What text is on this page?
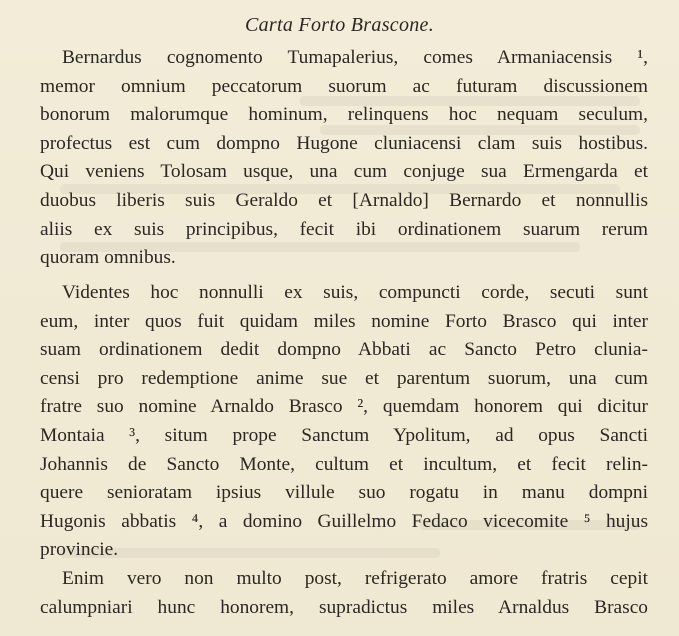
Carta Forto Brascone.
Bernardus cognomento Tumapalerius, comes Armaniacensis ¹,
memor omnium peccatorum suorum ac futuram discussionem
bonorum malorumque hominum, relinquens hoc nequam seculum,
profectus est cum dompno Hugone cluniacensi clam suis hostibus.
Qui veniens Tolosam usque, una cum conjuge sua Ermengarda et
duobus liberis suis Geraldo et [Arnaldo] Bernardo et nonnullis
aliis ex suis principibus, fecit ibi ordinationem suarum rerum
quoram omnibus.
Videntes hoc nonnulli ex suis, compuncti corde, secuti sunt
eum, inter quos fuit quidam miles nomine Forto Brasco qui inter
suam ordinationem dedit dompno Abbati ac Sancto Petro clunia-
censi pro redemptione anime sue et parentum suorum, una cum
fratre suo nomine Arnaldo Brasco ², quemdam honorem qui dicitur
Montaia ³, situm prope Sanctum Ypolitum, ad opus Sancti
Johannis de Sancto Monte, cultum et incultum, et fecit relin-
quere senioratam ipsius villule suo rogatu in manu dompni
Hugonis abbatis ⁴, a domino Guillelmo Fedaco vicecomite ⁵ hujus
provincie.
Enim vero non multo post, refrigerato amore fratris cepit
calumpniari hunc honorem, supradictus miles Arnaldus Brasco
